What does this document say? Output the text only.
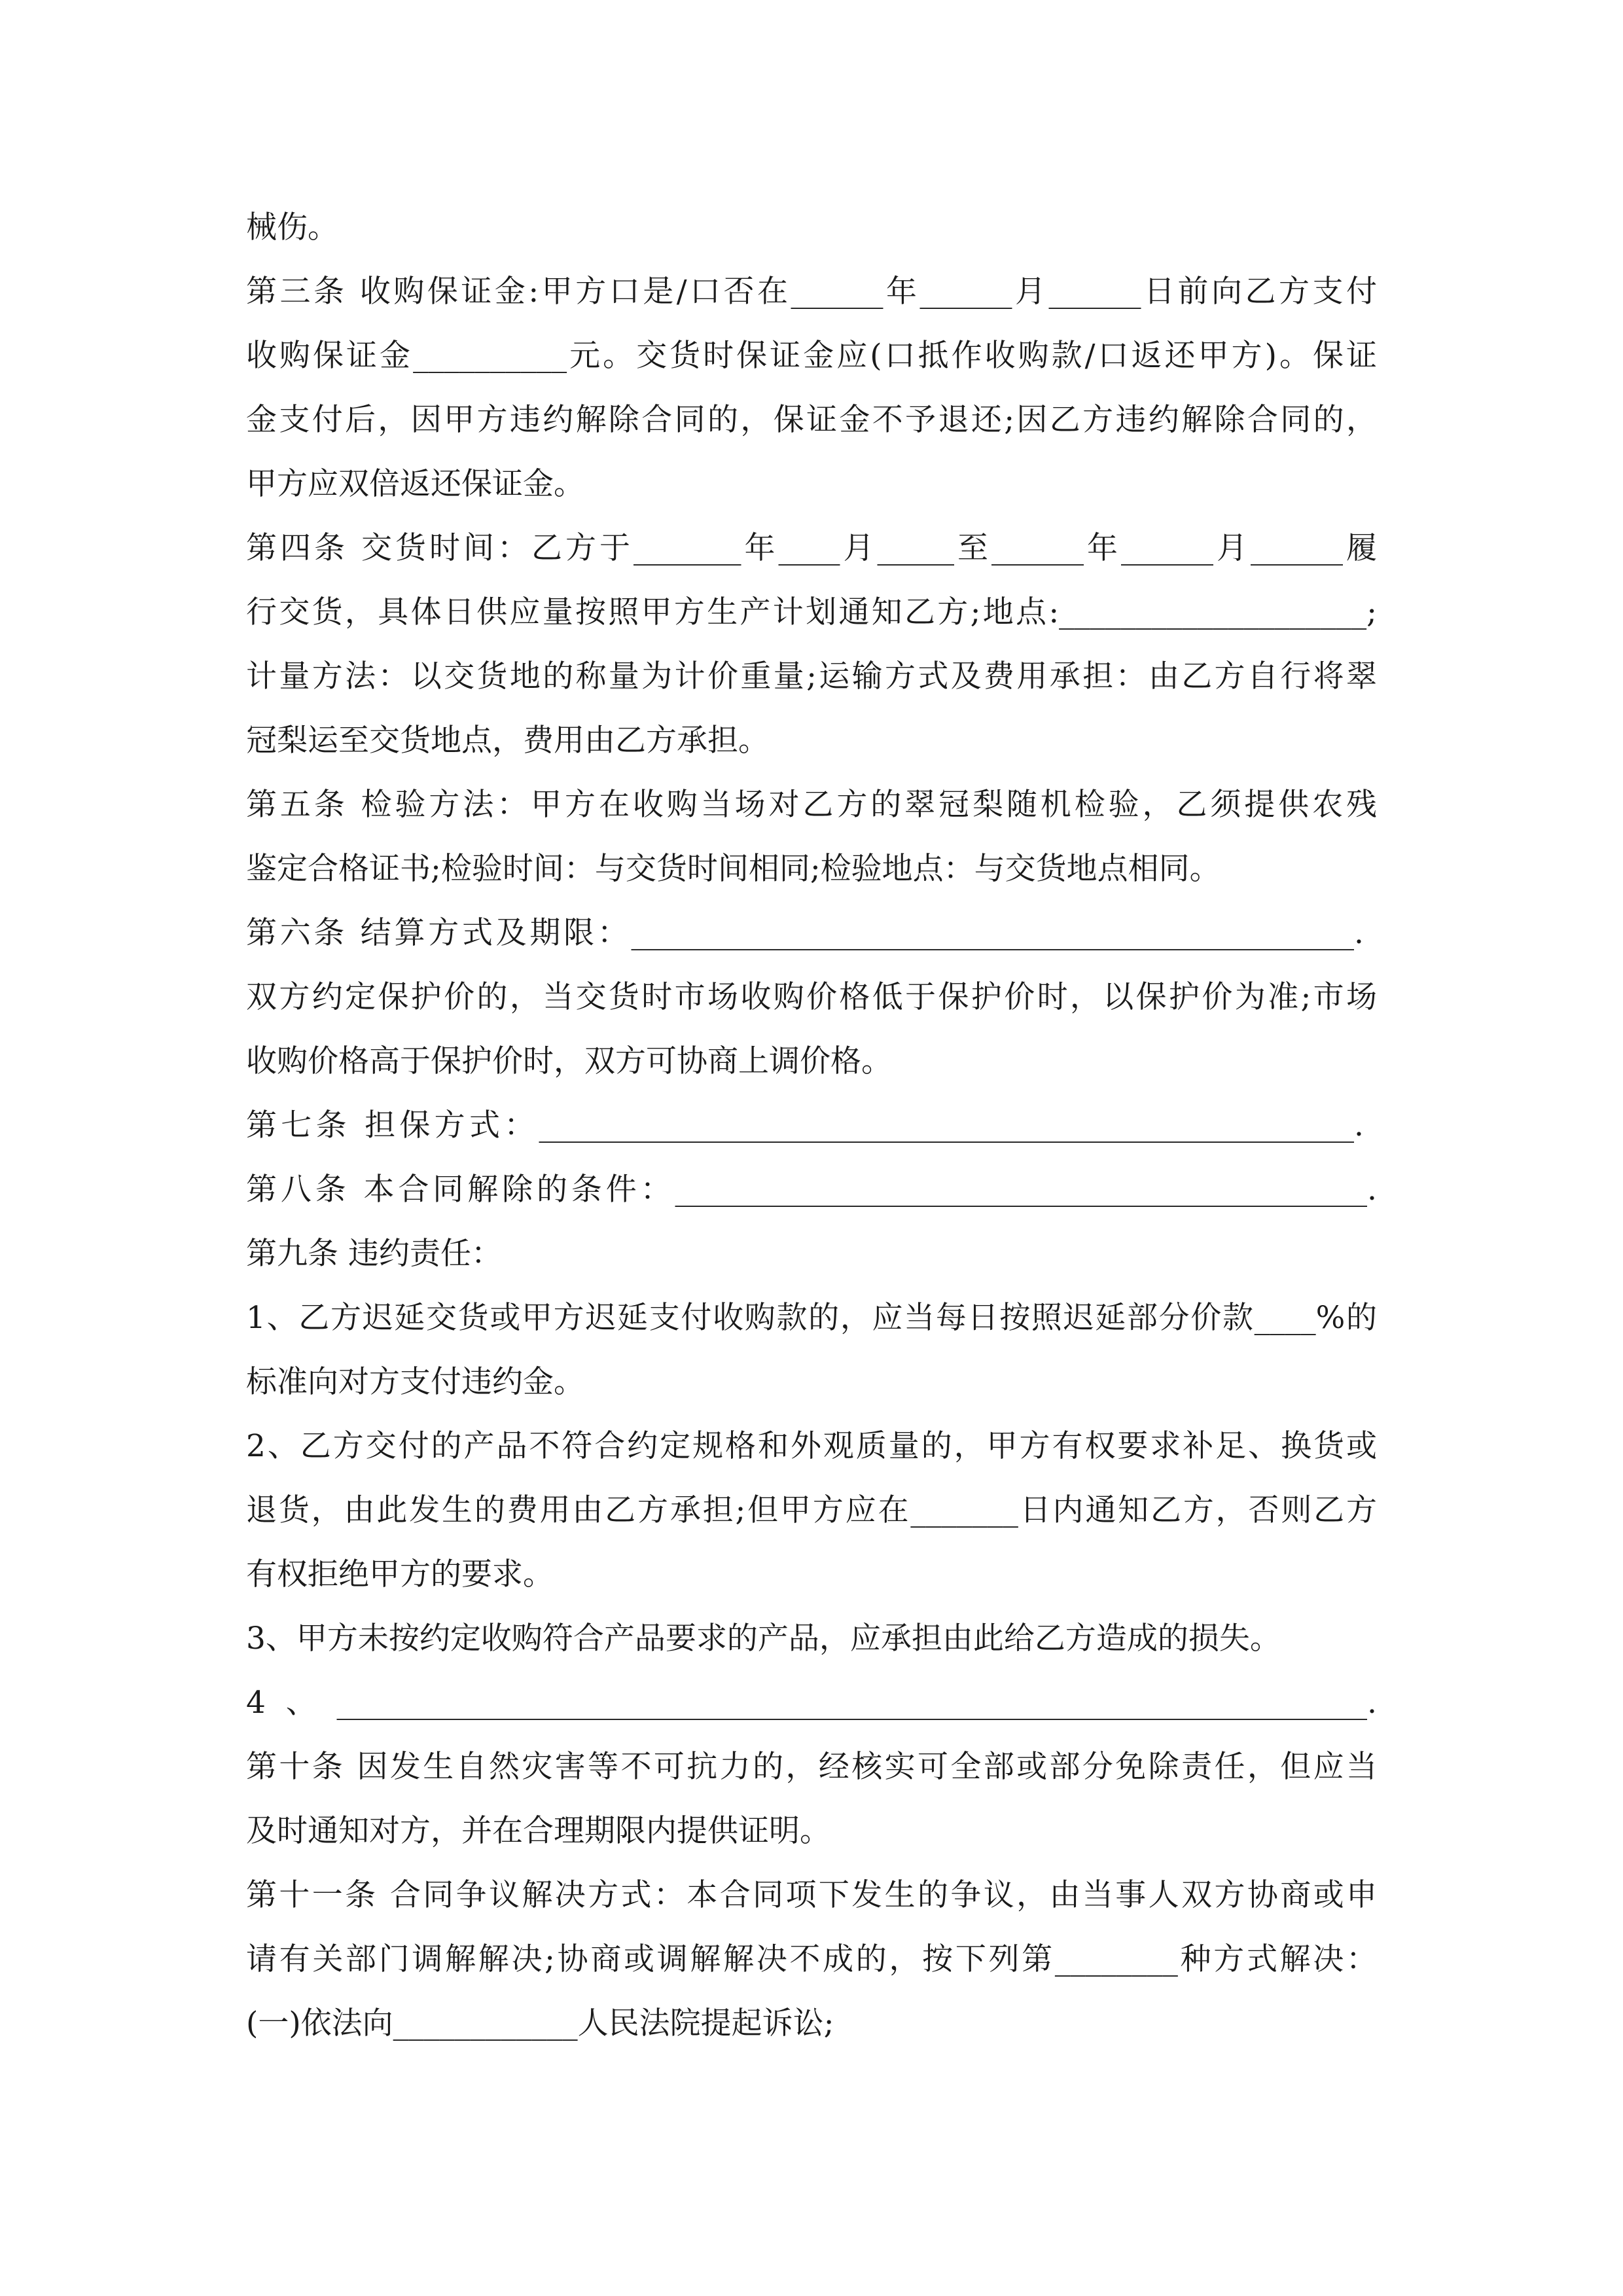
械伤。
第三条 收购保证金:甲方口是/口否在______年______月______日前向乙方支付
收购保证金__________元。交货时保证金应(口抵作收购款/口返还甲方)。保证
金支付后，因甲方违约解除合同的，保证金不予退还;因乙方违约解除合同的，
甲方应双倍返还保证金。
第四条 交货时间：乙方于_______年____月_____至______年______月______履
行交货，具体日供应量按照甲方生产计划通知乙方;地点:____________________;
计量方法：以交货地的称量为计价重量;运输方式及费用承担：由乙方自行将翠
冠梨运至交货地点，费用由乙方承担。
第五条 检验方法：甲方在收购当场对乙方的翠冠梨随机检验，乙须提供农残
鉴定合格证书;检验时间：与交货时间相同;检验地点：与交货地点相同。
第六条 结算方式及期限：_______________________________________________.
双方约定保护价的，当交货时市场收购价格低于保护价时，以保护价为准;市场
收购价格高于保护价时，双方可协商上调价格。
第七条 担保方式：_____________________________________________________.
第八条 本合同解除的条件：_____________________________________________.
第九条 违约责任：
1、乙方迟延交货或甲方迟延支付收购款的，应当每日按照迟延部分价款____%的
标准向对方支付违约金。
2、乙方交付的产品不符合约定规格和外观质量的，甲方有权要求补足、换货或
退货，由此发生的费用由乙方承担;但甲方应在_______日内通知乙方，否则乙方
有权拒绝甲方的要求。
3、甲方未按约定收购符合产品要求的产品，应承担由此给乙方造成的损失。
4、___________________________________________________________________.
第十条 因发生自然灾害等不可抗力的，经核实可全部或部分免除责任，但应当
及时通知对方，并在合理期限内提供证明。
第十一条 合同争议解决方式：本合同项下发生的争议，由当事人双方协商或申
请有关部门调解解决;协商或调解解决不成的，按下列第________种方式解决：
(一)依法向____________人民法院提起诉讼;
